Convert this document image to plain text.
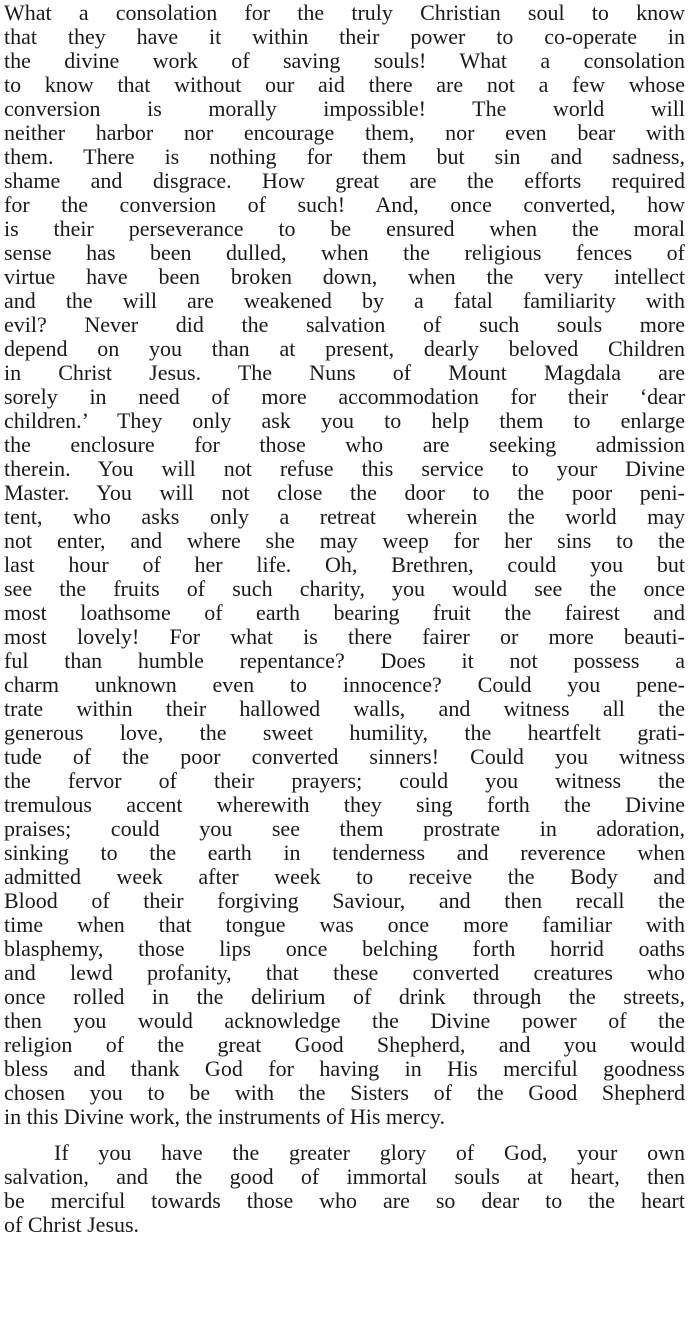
What a consolation for the truly Christian soul to know
that they have it within their power to co-operate in
the divine work of saving souls! What a consolation
to know that without our aid there are not a few whose
conversion is morally impossible! The world will
neither harbor nor encourage them, nor even bear with
them. There is nothing for them but sin and sadness,
shame and disgrace. How great are the efforts required
for the conversion of such! And, once converted, how
is their perseverance to be ensured when the moral
sense has been dulled, when the religious fences of
virtue have been broken down, when the very intellect
and the will are weakened by a fatal familiarity with
evil? Never did the salvation of such souls more
depend on you than at present, dearly beloved Children
in Christ Jesus. The Nuns of Mount Magdala are
sorely in need of more accommodation for their ‘dear
children.’ They only ask you to help them to enlarge
the enclosure for those who are seeking admission
therein. You will not refuse this service to your Divine
Master. You will not close the door to the poor peni-
tent, who asks only a retreat wherein the world may
not enter, and where she may weep for her sins to the
last hour of her life. Oh, Brethren, could you but
see the fruits of such charity, you would see the once
most loathsome of earth bearing fruit the fairest and
most lovely! For what is there fairer or more beauti-
ful than humble repentance? Does it not possess a
charm unknown even to innocence? Could you pene-
trate within their hallowed walls, and witness all the
generous love, the sweet humility, the heartfelt grati-
tude of the poor converted sinners! Could you witness
the fervor of their prayers; could you witness the
tremulous accent wherewith they sing forth the Divine
praises; could you see them prostrate in adoration,
sinking to the earth in tenderness and reverence when
admitted week after week to receive the Body and
Blood of their forgiving Saviour, and then recall the
time when that tongue was once more familiar with
blasphemy, those lips once belching forth horrid oaths
and lewd profanity, that these converted creatures who
once rolled in the delirium of drink through the streets,
then you would acknowledge the Divine power of the
religion of the great Good Shepherd, and you would
bless and thank God for having in His merciful goodness
chosen you to be with the Sisters of the Good Shepherd
in this Divine work, the instruments of His mercy.
If you have the greater glory of God, your own
salvation, and the good of immortal souls at heart, then
be merciful towards those who are so dear to the heart
of Christ Jesus.
